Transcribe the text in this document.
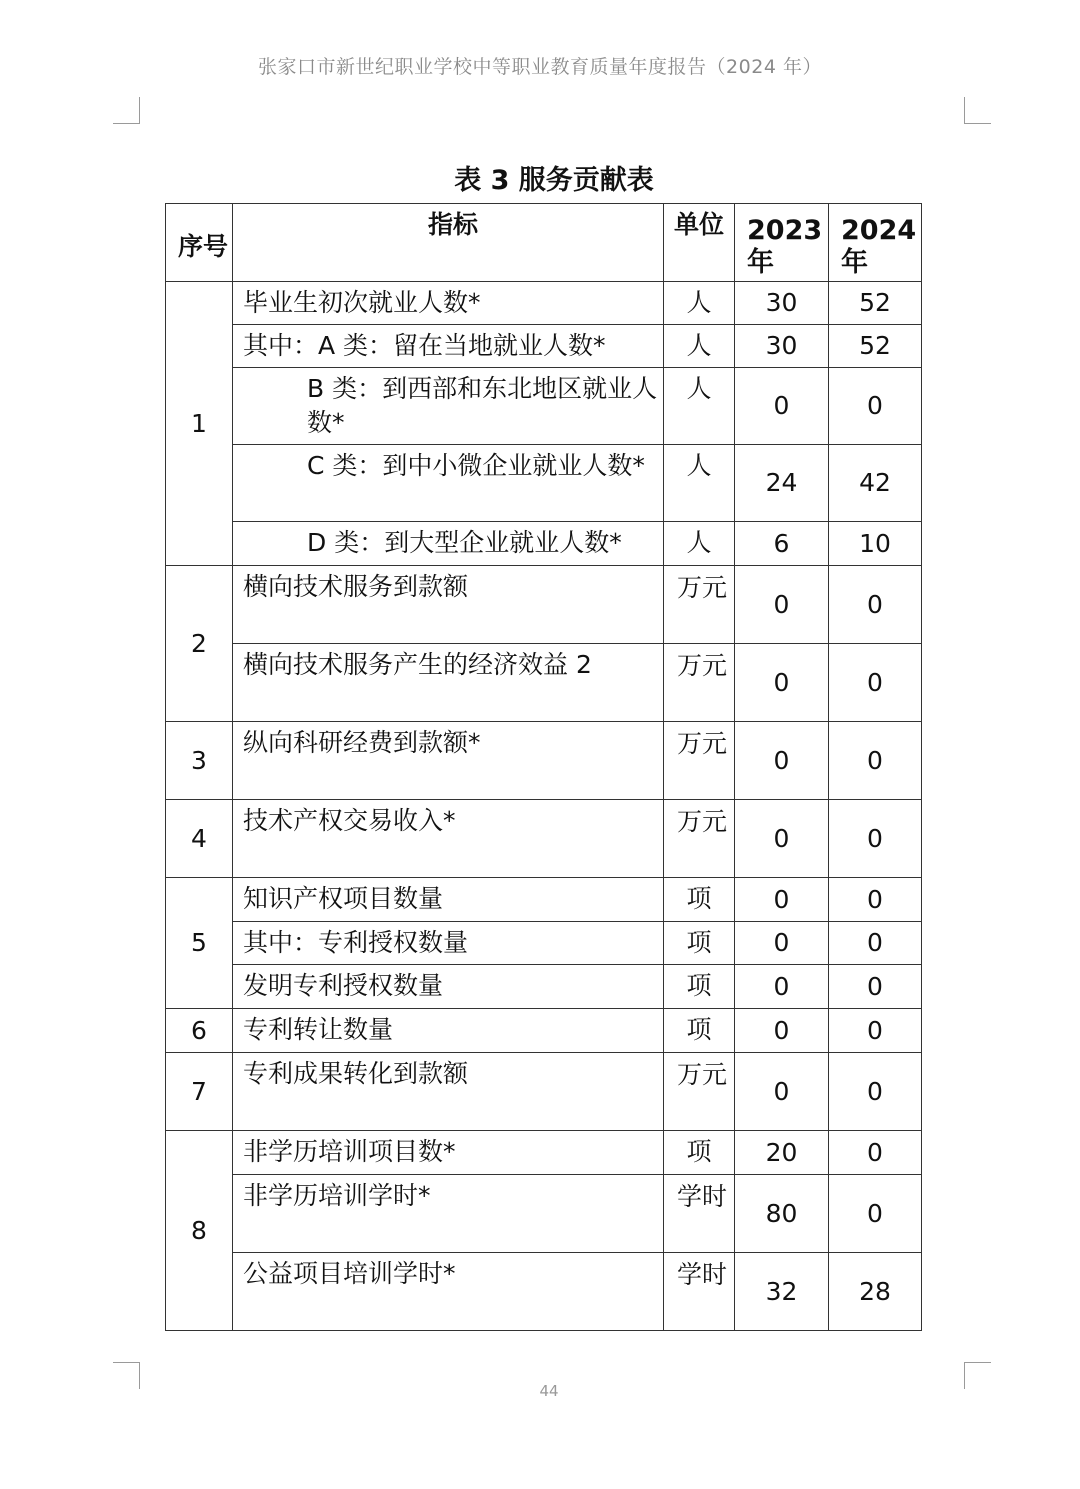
张家口市新世纪职业学校中等职业教育质量年度报告（2024 年）
表 3 服务贡献表
序号	指标	单位	2023年	2024年
1	毕业生初次就业人数*	人	30	52
	其中：A 类：留在当地就业人数*	人	30	52
	B 类：到西部和东北地区就业人数*	人	0	0
	C 类：到中小微企业就业人数*	人	24	42
	D 类：到大型企业就业人数*	人	6	10
2	横向技术服务到款额	万元	0	0
	横向技术服务产生的经济效益 2	万元	0	0
3	纵向科研经费到款额*	万元	0	0
4	技术产权交易收入*	万元	0	0
5	知识产权项目数量	项	0	0
	其中：专利授权数量	项	0	0
	发明专利授权数量	项	0	0
6	专利转让数量	项	0	0
7	专利成果转化到款额	万元	0	0
8	非学历培训项目数*	项	20	0
	非学历培训学时*	学时	80	0
	公益项目培训学时*	学时	32	28
44
